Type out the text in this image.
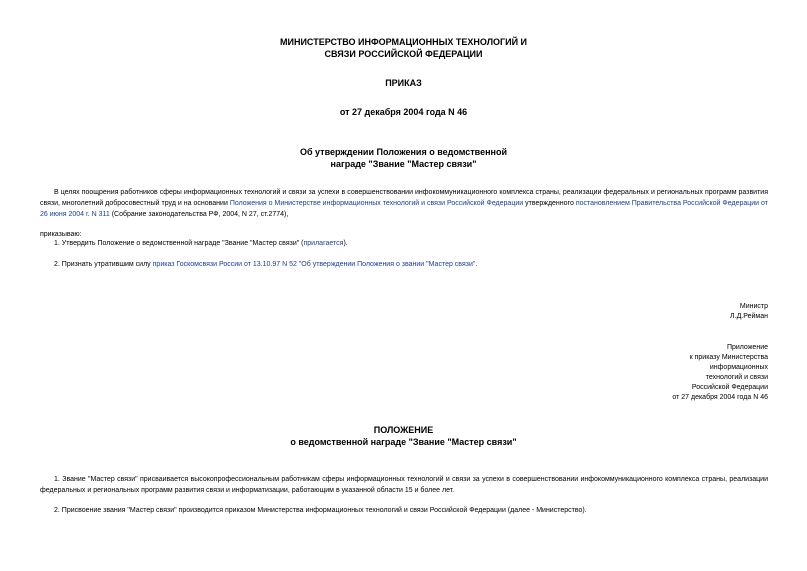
МИНИСТЕРСТВО ИНФОРМАЦИОННЫХ ТЕХНОЛОГИЙ И
СВЯЗИ РОССИЙСКОЙ ФЕДЕРАЦИИ
ПРИКАЗ
от 27 декабря 2004 года N 46
Об утверждении Положения о ведомственной
награде "Звание "Мастер связи"
В целях поощрения работников сферы информационных технологий и связи за успехи в совершенствовании инфокоммуникационного комплекса страны, реализации федеральных и региональных программ развития связи, многолетний добросовестный труд и на основании Положения о Министерстве информационных технологий и связи Российской Федерации утвержденного постановлением Правительства Российской Федерации от 26 июня 2004 г. N 311 (Собрание законодательства РФ, 2004, N 27, ст.2774),
приказываю:
1. Утвердить Положение о ведомственной награде "Звание "Мастер связи" (прилагается).
2. Признать утратившим силу приказ Госкомсвязи России от 13.10.97 N 52 "Об утверждении Положения о звании "Мастер связи".
Министр
Л.Д.Рейман
Приложение
к приказу Министерства
информационных
технологий и связи
Российской Федерации
от 27 декабря 2004 года N 46
ПОЛОЖЕНИЕ
о ведомственной награде "Звание "Мастер связи"
1. Звание "Мастер связи" присваивается высокопрофессиональным работникам сферы информационных технологий и связи за успехи в совершенствовании инфокоммуникационного комплекса страны, реализации федеральных и региональных программ развития связи и информатизации, работающим в указанной области 15 и более лет.
2. Присвоение звания "Мастер связи" производится приказом Министерства информационных технологий и связи Российской Федерации (далее - Министерство).
